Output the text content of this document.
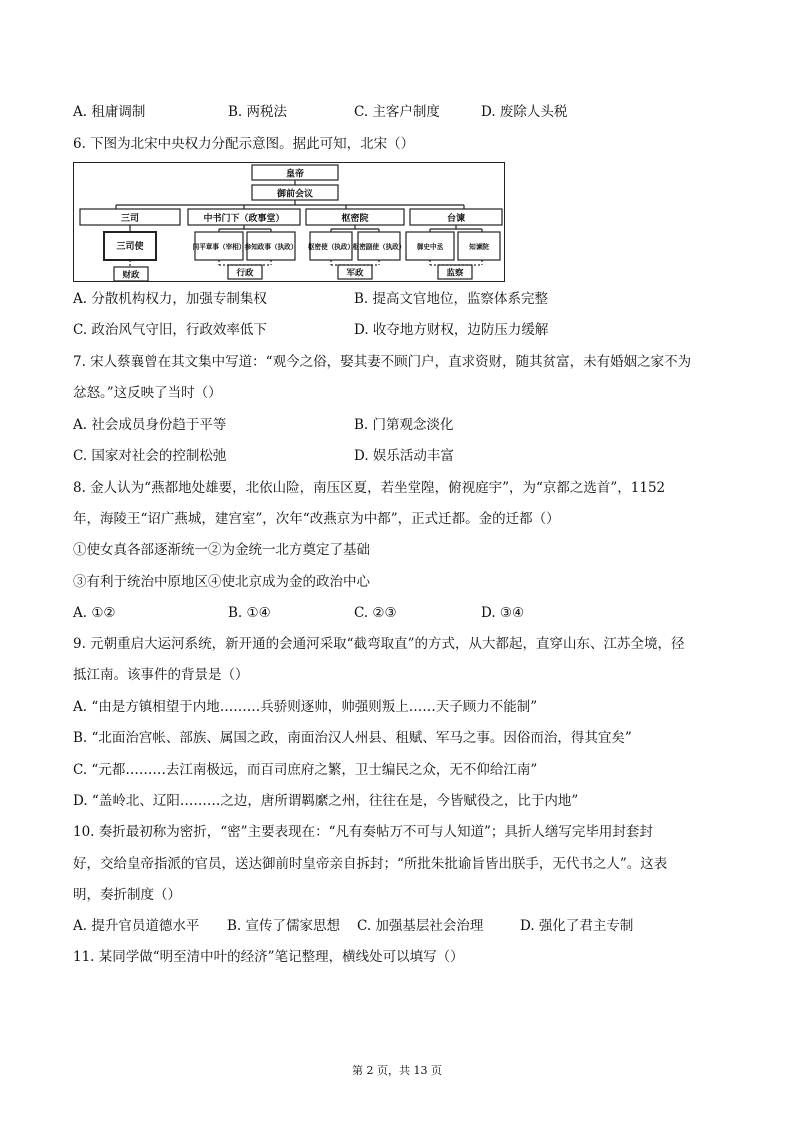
A. 租庸调制	B. 两税法	C. 主客户制度	D. 废除人头税
6. 下图为北宋中央权力分配示意图。据此可知，北宋（）
皇帝
御前会议
三司	中书门下（政事堂）	枢密院	台谏
三司使	同平章事（宰相） 参知政事（执政） 枢密使（执政）
枢密副使（执政） 御史中丞	知谏院
财政	行政	军政	监察
A. 分散机构权力，加强专制集权	B. 提高文官地位，监察体系完整
C. 政治风气守旧，行政效率低下	D. 收夺地方财权，边防压力缓解
7. 宋人蔡襄曾在其文集中写道：“观今之俗，娶其妻不顾门户，直求资财，随其贫富，未有婚姻之家不为
忿怒。”这反映了当时（）
A. 社会成员身份趋于平等	B. 门第观念淡化
C. 国家对社会的控制松弛	D. 娱乐活动丰富
8. 金人认为“燕都地处雄要，北依山险，南压区夏，若坐堂隍，俯视庭宇”，为“京都之选首”，1152
年，海陵王“诏广燕城，建宫室”，次年“改燕京为中都”，正式迁都。金的迁都（）
①使女真各部逐渐统一②为金统一北方奠定了基础
③有利于统治中原地区④使北京成为金的政治中心
A. ①②	B. ①④	C. ②③	D. ③④
9. 元朝重启大运河系统，新开通的会通河采取“截弯取直”的方式，从大都起，直穿山东、江苏全境，径
抵江南。该事件的背景是（）
A. “由是方镇相望于内地………兵骄则逐帅，帅强则叛上……天子顾力不能制”
B. “北面治宫帐、部族、属国之政，南面治汉人州县、租赋、军马之事。因俗而治，得其宜矣”
C. “元都………去江南极远，而百司庶府之繁，卫士编民之众，无不仰给江南”
D. “盖岭北、辽阳………之边，唐所谓羁縻之州，往往在是，今皆赋役之，比于内地”
10. 奏折最初称为密折，“密”主要表现在：“凡有奏帖万不可与人知道”；具折人缮写完毕用封套封
好，交给皇帝指派的官员，送达御前时皇帝亲自拆封；“所批朱批谕旨皆出朕手，无代书之人”。这表
明，奏折制度（）
A. 提升官员道德水平 B. 宣传了儒家思想 C. 加强基层社会治理	D. 强化了君主专制
11. 某同学做“明至清中叶的经济”笔记整理，横线处可以填写（）
第 2 页，共 13 页
